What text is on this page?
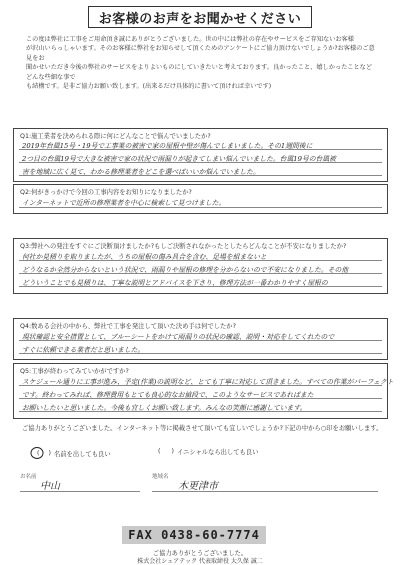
お客様のお声をお聞かせください
この度は弊社に工事をご用命頂き誠にありがとうございました。世の中には弊社の存在やサービスをご存知ないお客様
が沢山いらっしゃいます。そのお客様に弊社をお知らせして頂くためのアンケートにご協力頂けないでしょうか?お客様のご意見をお
聞かせいただき今後の弊社のサービスをよりよいものにしていきたいと考えております。良かったこと、嬉しかったことなどどんな些細な事で
も結構です。是非ご協力お願い致します。(出来るだけ具体的に書いて頂ければ幸いです)
Q1:施工業者を決められる際に何にどんなことで悩んでいましたか?
2019年台風15号・19号で工事業の被害で家の屋根や壁が傷んでしまいました。その1週間後に
2つ目の台風19号で大きな被害で家の状況で雨漏りが起きてしまい悩んでいました。台風19号の台風被
害を地域に広く見て、わかる修理業者をどこを選べばいいか悩んでいました。
Q2:何がきっかけで今回の工事内容をお知りになりましたか?
インターネットで近所の修理業者を中心に検索して見つけました。
Q3:弊社への発注をすぐにご決断頂けましたか?もしご決断されなかったとしたらどんなことが不安になりましたか?
何社か見積りを取りましたが、うちの屋根の傷み具合を含む、足場を組まないと
どうなるか全然分からないという状況で、雨漏りや屋根の修理を分からないので不安になりました。その他
どういうことでも見積りは、丁寧な説明とアドバイスを下さり、修理方法が一番わかりやすく屋根の
Q4:数ある会社の中から、弊社で工事を発注して頂いた決め手は何でしたか?
現状確認と安全措置として、ブルーシートをかけて雨漏りの状況の確認、説明・対応をしてくれたので
すぐに依頼できる業者だと思いました。
Q5:工事が終わってみていかがですか?
スケジュール通りに工事が進み、予定(作業)の説明など、とても丁寧に対応して頂きました。すべての作業がパーフェクト
です。終わってみれば、修理費用もとても良心的なお値段で、このようなサービスであればまた
お願いしたいと思いました。今後も宜しくお願い致します。みんなの笑顔に感謝しています。
ご協力ありがとうございました。インターネット等に掲載させて頂いても宜しいでしょうか?下記の中から○印をお願いします。
( ) 名前を出しても良い	( ) イニシャルなら出しても良い
お名前
中山
地域名
木更津市
FAX 0438-60-7774
ご協力ありがとうございました。
株式会社シェアテック 代表取締役 大久保 誠二
